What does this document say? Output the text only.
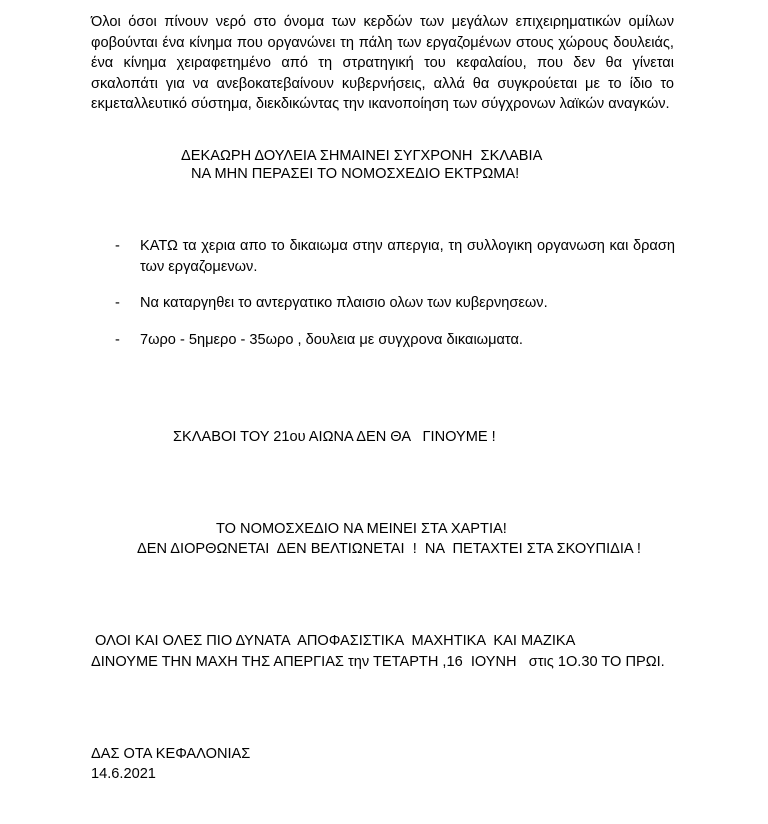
Όλοι όσοι πίνουν νερό στο όνομα των κερδών των μεγάλων επιχειρηματικών ομίλων φοβούνται ένα κίνημα που οργανώνει τη πάλη των εργαζομένων στους χώρους δουλειάς, ένα κίνημα χειραφετημένο από τη στρατηγική του κεφαλαίου, που δεν θα γίνεται σκαλοπάτι για να ανεβοκατεβαίνουν κυβερνήσεις, αλλά θα συγκρούεται με το ίδιο το εκμεταλλευτικό σύστημα, διεκδικώντας την ικανοποίηση των σύγχρονων λαϊκών αναγκών.

ΔΕΚΑΩΡΗ ΔΟΥΛΕΙΑ ΣΗΜΑΙΝΕΙ ΣΥΓΧΡΟΝΗ  ΣΚΛΑΒΙΑ

ΝΑ ΜΗΝ ΠΕΡΑΣΕΙ ΤΟ ΝΟΜΟΣΧΕΔΙΟ ΕΚΤΡΩΜΑ!

- ΚΑΤΩ τα χερια απο το δικαιωμα στην απεργια, τη συλλογικη οργανωση και δραση των εργαζομενων.
- Να καταργηθει το αντεργατικο πλαισιο ολων των κυβερνησεων.
- 7ωρο - 5ημερο - 35ωρο , δουλεια με συγχρονα δικαιωματα.

ΣΚΛΑΒΟΙ ΤΟΥ 21ου ΑΙΩΝΑ ΔΕΝ ΘΑ   ΓΙΝΟΥΜΕ !

ΤΟ ΝΟΜΟΣΧΕΔΙΟ ΝΑ ΜΕΙΝΕΙ ΣΤΑ ΧΑΡΤΙΑ!

ΔΕΝ ΔΙΟΡΘΩΝΕΤΑΙ  ΔΕΝ ΒΕΛΤΙΩΝΕΤΑΙ  !  ΝΑ  ΠΕΤΑΧΤΕΙ ΣΤΑ ΣΚΟΥΠΙΔΙΑ !

ΟΛΟΙ ΚΑΙ ΟΛΕΣ ΠΙΟ ΔΥΝΑΤΑ  ΑΠΟΦΑΣΙΣΤΙΚΑ  ΜΑΧΗΤΙΚΑ  ΚΑΙ ΜΑΖΙΚΑ

ΔΙΝΟΥΜΕ ΤΗΝ ΜΑΧΗ ΤΗΣ ΑΠΕΡΓΙΑΣ την ΤΕΤΑΡΤΗ ,16  ΙΟΥΝΗ   στις 1Ο.30 ΤΟ ΠΡΩΙ.

ΔΑΣ ΟΤΑ ΚΕΦΑΛΟΝΙΑΣ

14.6.2021
